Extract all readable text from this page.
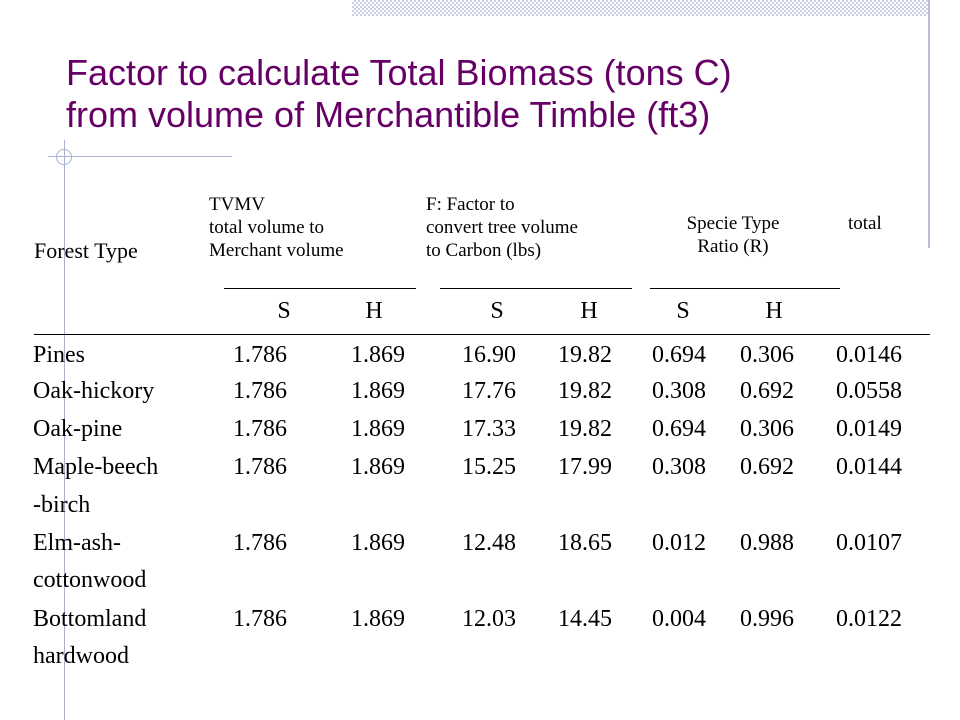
Factor to calculate Total Biomass (tons C)
from volume of Merchantible Timble (ft3)
Forest Type
TVMV
total volume to
Merchant volume
F: Factor to
convert tree volume
to Carbon (lbs)
Specie Type
Ratio (R)
total
S	H	S	H	S	H
Pines	1.786	1.869 16.90 19.82 0.694 0.306 0.0146
Oak-hickory	1.786	1.869 17.76 19.82 0.308 0.692 0.0558
Oak-pine	1.786	1.869 17.33 19.82 0.694 0.306 0.0149
Maple-beech
-birch
1.786	1.869 15.25 17.99 0.308 0.692 0.0144
Elm-ash-
cottonwood
1.786	1.869 12.48 18.65 0.012 0.988 0.0107
Bottomland
hardwood
1.786	1.869 12.03 14.45 0.004 0.996 0.0122
